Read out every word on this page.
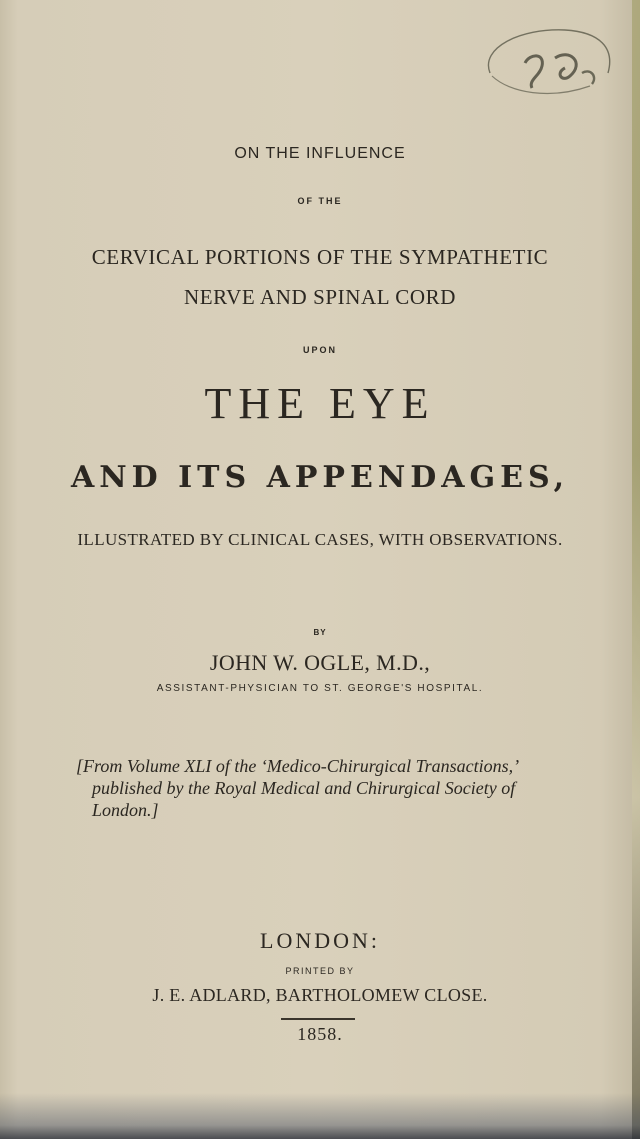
ON THE INFLUENCE
OF THE
CERVICAL PORTIONS OF THE SYMPATHETIC
NERVE AND SPINAL CORD
UPON
THE EYE
AND ITS APPENDAGES,
ILLUSTRATED BY CLINICAL CASES, WITH OBSERVATIONS.
BY
JOHN W. OGLE, M.D.,
ASSISTANT-PHYSICIAN TO ST. GEORGE'S HOSPITAL.
[From Volume XLI of the ‘Medico-Chirurgical Transactions,’
published by the Royal Medical and Chirurgical Society of
London.]
LONDON:
PRINTED BY
J. E. ADLARD, BARTHOLOMEW CLOSE.
1858.
